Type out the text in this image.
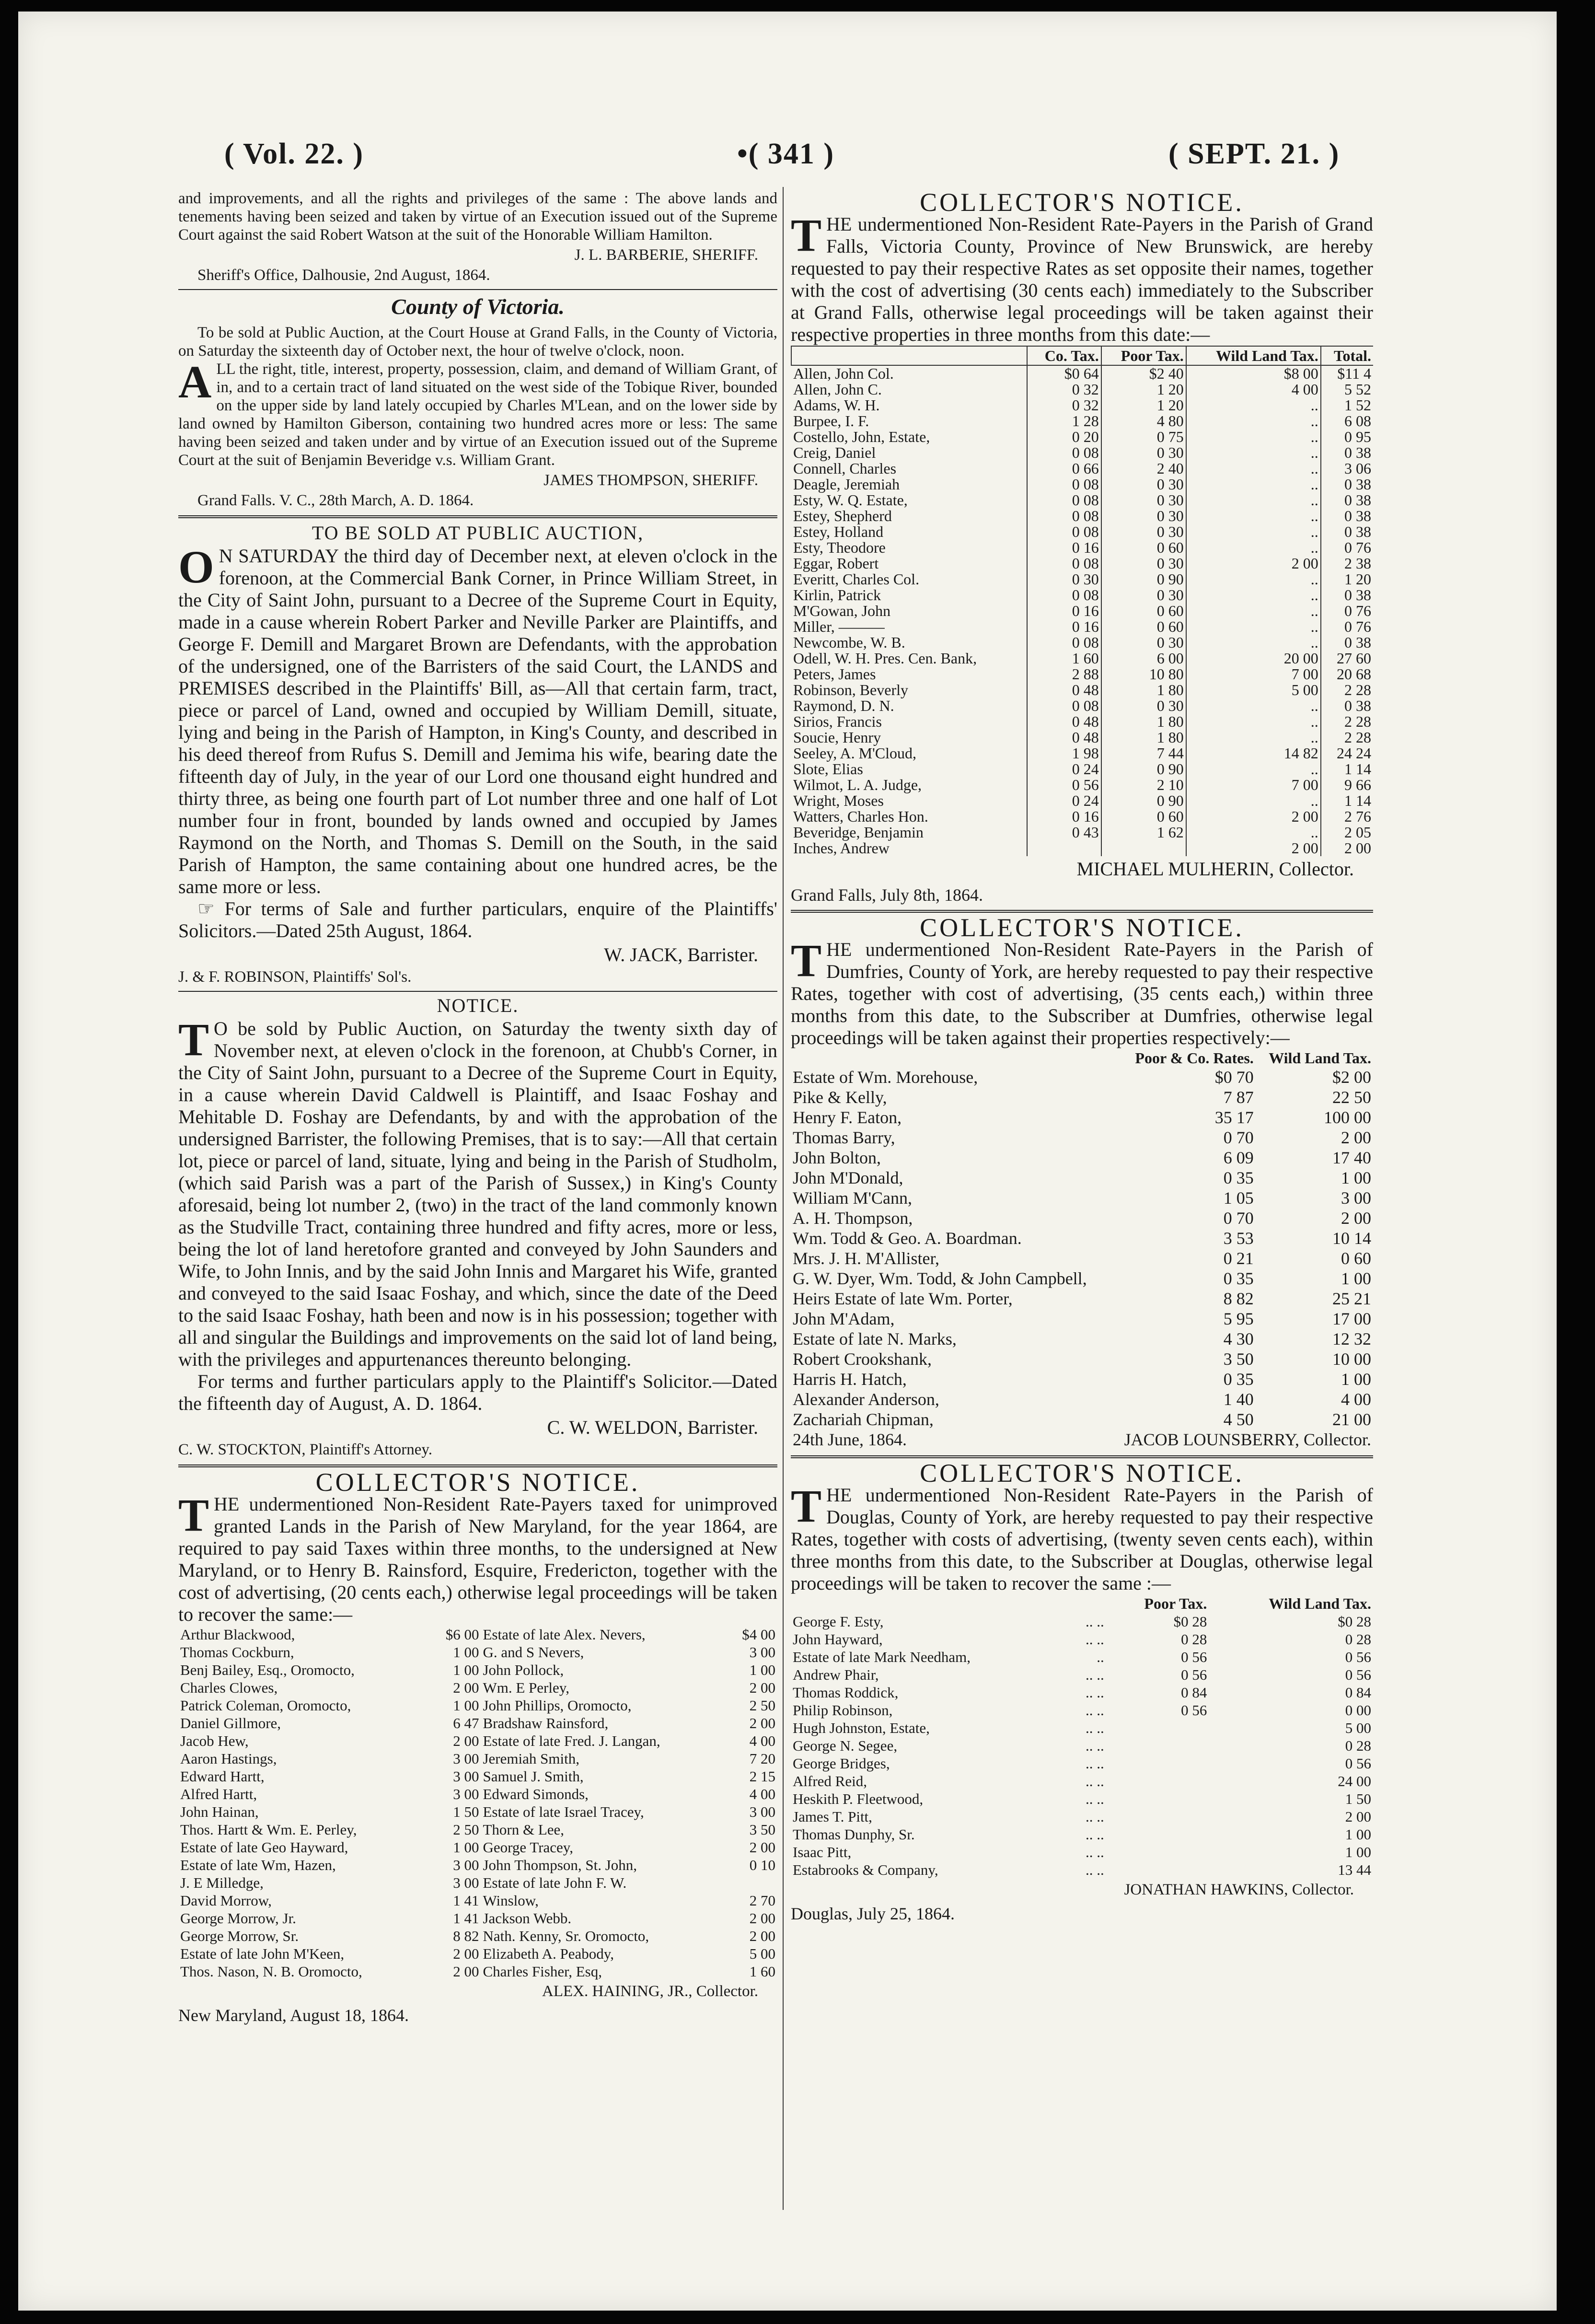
( Vol. 22. )	•( 341 )	( SEPT. 21. )

and improvements, and all the rights and privileges of the same : The above lands and tenements having been seized and taken by virtue of an Execution issued out of the Supreme Court against the said Robert Watson at the suit of the Honorable William Hamilton.

J. L. BARBERIE, SHERIFF.

Sheriff's Office, Dalhousie, 2nd August, 1864.

County of Victoria.

To be sold at Public Auction, at the Court House at Grand Falls, in the County of Victoria, on Saturday the sixteenth day of October next, the hour of twelve o'clock, noon.

ALL the right, title, interest, property, possession, claim, and demand of William Grant, of in, and to a certain tract of land situated on the west side of the Tobique River, bounded on the upper side by land lately occupied by Charles M'Lean, and on the lower side by land owned by Hamilton Giberson, containing two hundred acres more or less: The same having been seized and taken under and by virtue of an Execution issued out of the Supreme Court at the suit of Benjamin Beveridge v.s. William Grant.

JAMES THOMPSON, SHERIFF.

Grand Falls. V. C., 28th March, A. D. 1864.

TO BE SOLD AT PUBLIC AUCTION,

O N SATURDAY the third day of December next, at eleven o'clock in the forenoon, at the Commercial Bank Corner, in Prince William Street, in the City of Saint John, pursuant to a Decree of the Supreme Court in Equity, made in a cause wherein Robert Parker and Neville Parker are Plaintiffs, and George F. Demill and Margaret Brown are Defendants, with the approbation of the undersigned, one of the Barristers of the said Court, the LANDS and PREMISES described in the Plaintiffs' Bill, as—All that certain farm, tract, piece or parcel of Land, owned and occupied by William Demill, situate, lying and being in the Parish of Hampton, in King's County, and described in his deed thereof from Rufus S. Demill and Jemima his wife, bearing date the fifteenth day of July, in the year of our Lord one thousand eight hundred and thirty three, as being one fourth part of Lot number three and one half of Lot number four in front, bounded by lands owned and occupied by James Raymond on the North, and Thomas S. Demill on the South, in the said Parish of Hampton, the same containing about one hundred acres, be the same more or less.

☞ For terms of Sale and further particulars, enquire of the Plaintiffs' Solicitors.—Dated 25th August, 1864.

W. JACK, Barrister.

J. & F. ROBINSON, Plaintiffs' Sol's.

NOTICE.

T O be sold by Public Auction, on Saturday the twenty sixth day of November next, at eleven o'clock in the forenoon, at Chubb's Corner, in the City of Saint John, pursuant to a Decree of the Supreme Court in Equity, in a cause wherein David Caldwell is Plaintiff, and Isaac Foshay and Mehitable D. Foshay are Defendants, by and with the approbation of the undersigned Barrister, the following Premises, that is to say:—All that certain lot, piece or parcel of land, situate, lying and being in the Parish of Studholm, (which said Parish was a part of the Parish of Sussex,) in King's County aforesaid, being lot number 2, (two) in the tract of the land commonly known as the Studville Tract, containing three hundred and fifty acres, more or less, being the lot of land heretofore granted and conveyed by John Saunders and Wife, to John Innis, and by the said John Innis and Margaret his Wife, granted and conveyed to the said Isaac Foshay, and which, since the date of the Deed to the said Isaac Foshay, hath been and now is in his possession; together with all and singular the Buildings and improvements on the said lot of land being, with the privileges and appurtenances thereunto belonging.

For terms and further particulars apply to the Plaintiff's Solicitor.—Dated the fifteenth day of August, A. D. 1864.

C. W. WELDON, Barrister.

C. W. STOCKTON, Plaintiff's Attorney.

COLLECTOR'S NOTICE.

THE undermentioned Non-Resident Rate-Payers taxed for unimproved granted Lands in the Parish of New Maryland, for the year 1864, are required to pay said Taxes within three months, to the undersigned at New Maryland, or to Henry B. Rainsford, Esquire, Fredericton, together with the cost of advertising, (20 cents each,) otherwise legal proceedings will be taken to recover the same:—

Arthur Blackwood,	$6 00	Estate of late Alex. Nevers,	$4 00
Thomas Cockburn,	1 00	G. and S Nevers,	3 00
Benj Bailey, Esq., Oromocto,	1 00	John Pollock,	1 00
Charles Clowes,	2 00	Wm. E Perley,	2 00
Patrick Coleman, Oromocto,	1 00	John Phillips, Oromocto,	2 50
Daniel Gillmore,	6 47	Bradshaw Rainsford,	2 00
Jacob Hew,	2 00	Estate of late Fred. J. Langan,	4 00
Aaron Hastings,	3 00	Jeremiah Smith,	7 20
Edward Hartt,	3 00	Samuel J. Smith,	2 15
Alfred Hartt,	3 00	Edward Simonds,	4 00
John Hainan,	1 50	Estate of late Israel Tracey,	3 00
Thos. Hartt & Wm. E. Perley,	2 50	Thorn & Lee,	3 50
Estate of late Geo Hayward,	1 00	George Tracey,	2 00
Estate of late Wm, Hazen,	3 00	John Thompson, St. John,	0 10
J. E Milledge,	3 00	Estate of late John F. W.	
David Morrow,	1 41	Winslow,	2 70
George Morrow, Jr.	1 41	Jackson Webb.	2 00
George Morrow, Sr.	8 82	Nath. Kenny, Sr. Oromocto,	2 00
Estate of late John M'Keen,	2 00	Elizabeth A. Peabody,	5 00
Thos. Nason, N. B. Oromocto,	2 00	Charles Fisher, Esq,	1 60

ALEX. HAINING, JR., Collector.

New Maryland, August 18, 1864.

COLLECTOR'S NOTICE.

THE undermentioned Non-Resident Rate-Payers in the Parish of Grand Falls, Victoria County, Province of New Brunswick, are hereby requested to pay their respective Rates as set opposite their names, together with the cost of advertising (30 cents each) immediately to the Subscriber at Grand Falls, otherwise legal proceedings will be taken against their respective properties in three months from this date:—

	Co. Tax.	Poor Tax.	Wild Land Tax.	Total.
Allen, John Col.	$0 64	$2 40	$8 00	$11 4
Allen, John C.	0 32	1 20	4 00	5 52
Adams, W. H.	0 32	1 20	..	1 52
Burpee, I. F.	1 28	4 80	..	6 08
Costello, John, Estate,	0 20	0 75	..	0 95
Creig, Daniel	0 08	0 30	..	0 38
Connell, Charles	0 66	2 40	..	3 06
Deagle, Jeremiah	0 08	0 30	..	0 38
Esty, W. Q. Estate,	0 08	0 30	..	0 38
Estey, Shepherd	0 08	0 30	..	0 38
Estey, Holland	0 08	0 30	..	0 38
Esty, Theodore	0 16	0 60	..	0 76
Eggar, Robert	0 08	0 30	2 00	2 38
Everitt, Charles Col.	0 30	0 90	..	1 20
Kirlin, Patrick	0 08	0 30	..	0 38
M'Gowan, John	0 16	0 60	..	0 76
Miller, ———	0 16	0 60	..	0 76
Newcombe, W. B.	0 08	0 30	..	0 38
Odell, W. H. Pres. Cen. Bank,	1 60	6 00	20 00	27 60
Peters, James	2 88	10 80	7 00	20 68
Robinson, Beverly	0 48	1 80	5 00	2 28
Raymond, D. N.	0 08	0 30	..	0 38
Sirios, Francis	0 48	1 80	..	2 28
Soucie, Henry	0 48	1 80	..	2 28
Seeley, A. M'Cloud,	1 98	7 44	14 82	24 24
Slote, Elias	0 24	0 90	..	1 14
Wilmot, L. A. Judge,	0 56	2 10	7 00	9 66
Wright, Moses	0 24	0 90	..	1 14
Watters, Charles Hon.	0 16	0 60	2 00	2 76
Beveridge, Benjamin	0 43	1 62	..	2 05
Inches, Andrew			2 00	2 00

MICHAEL MULHERIN, Collector.

Grand Falls, July 8th, 1864.

COLLECTOR'S NOTICE.

THE undermentioned Non-Resident Rate-Payers in the Parish of Dumfries, County of York, are hereby requested to pay their respective Rates, together with cost of advertising, (35 cents each,) within three months from this date, to the Subscriber at Dumfries, otherwise legal proceedings will be taken against their properties respectively:—

	Poor & Co. Rates.	Wild Land Tax.
Estate of Wm. Morehouse,	$0 70	$2 00
Pike & Kelly,	7 87	22 50
Henry F. Eaton,	35 17	100 00
Thomas Barry,	0 70	2 00
John Bolton,	6 09	17 40
John M'Donald,	0 35	1 00
William M'Cann,	1 05	3 00
A. H. Thompson,	0 70	2 00
Wm. Todd & Geo. A. Boardman.	3 53	10 14
Mrs. J. H. M'Allister,	0 21	0 60
G. W. Dyer, Wm. Todd, & John Campbell,	0 35	1 00
Heirs Estate of late Wm. Porter,	8 82	25 21
John M'Adam,	5 95	17 00
Estate of late N. Marks,	4 30	12 32
Robert Crookshank,	3 50	10 00
Harris H. Hatch,	0 35	1 00
Alexander Anderson,	1 40	4 00
Zachariah Chipman,	4 50	21 00
24th June, 1864.	JACOB LOUNSBERRY, Collector.
COLLECTOR'S NOTICE.

THE undermentioned Non-Resident Rate-Payers in the Parish of Douglas, County of York, are hereby requested to pay their respective Rates, together with costs of advertising, (twenty seven cents each), within three months from this date, to the Subscriber at Douglas, otherwise legal proceedings will be taken to recover the same :—

		Poor Tax.	Wild Land Tax.
George F. Esty,	.. ..	$0 28	$0 28
John Hayward,	.. ..	0 28	0 28
Estate of late Mark Needham,	..	0 56	0 56
Andrew Phair,	.. ..	0 56	0 56
Thomas Roddick,	.. ..	0 84	0 84
Philip Robinson,	.. ..	0 56	0 00
Hugh Johnston, Estate,	.. ..		5 00
George N. Segee,	.. ..		0 28
George Bridges,	.. ..		0 56
Alfred Reid,	.. ..		24 00
Heskith P. Fleetwood,	.. ..		1 50
James T. Pitt,	.. ..		2 00
Thomas Dunphy, Sr.	.. ..		1 00
Isaac Pitt,	.. ..		1 00
Estabrooks & Company,	.. ..		13 44

JONATHAN HAWKINS, Collector.

Douglas, July 25, 1864.
